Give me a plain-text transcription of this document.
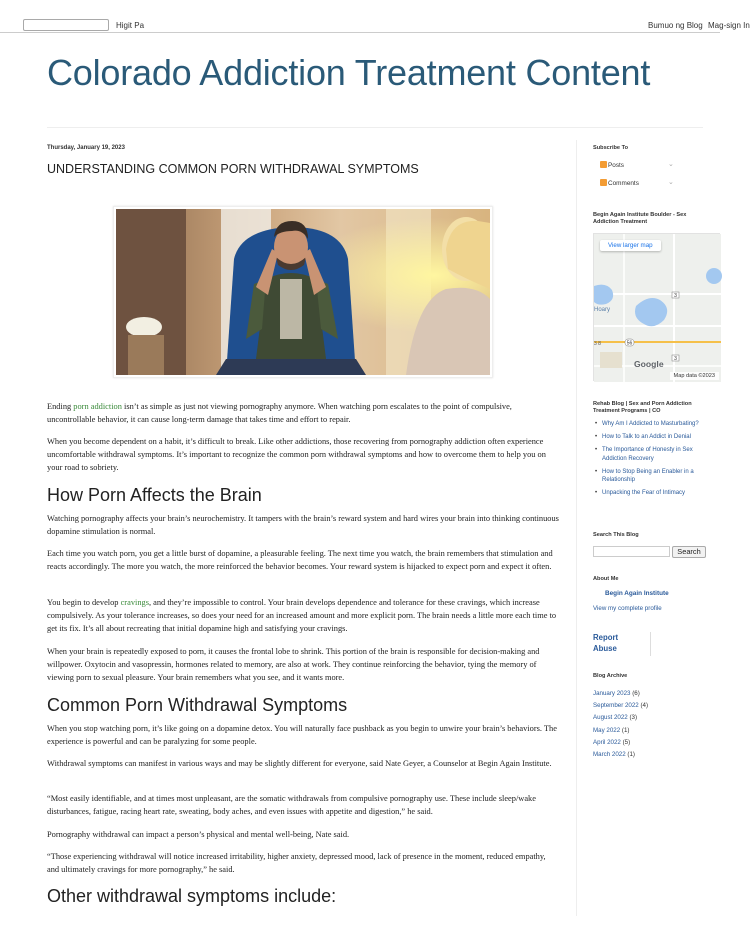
Higit Pa	Bumuo ng Blog Mag-sign In
Colorado Addiction Treatment Content
Thursday, January 19, 2023
UNDERSTANDING COMMON PORN WITHDRAWAL SYMPTOMS
Ending porn addiction isn’t as simple as just not viewing pornography anymore. When watching porn escalates to the point of compulsive, uncontrollable behavior, it can cause long-term damage that takes time and effort to repair.
When you become dependent on a habit, it’s difficult to break. Like other addictions, those recovering from pornography addiction often experience uncomfortable withdrawal symptoms. It’s important to recognize the common porn withdrawal symptoms and how to overcome them to help you on your road to sobriety.
How Porn Affects the Brain
Watching pornography affects your brain’s neurochemistry. It tampers with the brain’s reward system and hard wires your brain into thinking continuous dopamine stimulation is normal.
Each time you watch porn, you get a little burst of dopamine, a pleasurable feeling. The next time you watch, the brain remembers that stimulation and reacts accordingly. The more you watch, the more reinforced the behavior becomes. Your reward system is hijacked to expect porn and expect it often.
You begin to develop cravings, and they’re impossible to control. Your brain develops dependence and tolerance for these cravings, which increase compulsively. As your tolerance increases, so does your need for an increased amount and more explicit porn. The brain needs a little more each time to get its fix. It’s all about recreating that initial dopamine high and satisfying your cravings.
When your brain is repeatedly exposed to porn, it causes the frontal lobe to shrink. This portion of the brain is responsible for decision-making and willpower. Oxytocin and vasopressin, hormones related to memory, are also at work. They continue reinforcing the behavior, tying the memory of viewing porn to sexual pleasure. Your brain remembers what you see, and it wants more.
Common Porn Withdrawal Symptoms
When you stop watching porn, it’s like going on a dopamine detox. You will naturally face pushback as you begin to unwire your brain’s behaviors. The experience is powerful and can be paralyzing for some people.
Withdrawal symptoms can manifest in various ways and may be slightly different for everyone, said Nate Geyer, a Counselor at Begin Again Institute.
“Most easily identifiable, and at times most unpleasant, are the somatic withdrawals from compulsive pornography use. These include sleep/wake disturbances, fatigue, racing heart rate, sweating, body aches, and even issues with appetite and digestion,” he said.
Pornography withdrawal can impact a person’s physical and mental well-being, Nate said.
“Those experiencing withdrawal will notice increased irritability, higher anxiety, depressed mood, lack of presence in the moment, reduced empathy, and ultimately cravings for more pornography,” he said.
Other withdrawal symptoms include:
Subscribe To
Posts	⌄
Comments	⌄
Begin Again Institute Boulder - Sex Addiction Treatment
3
56
3
Hoary
3 8
View larger map
Google
Map data ©2023
Rehab Blog | Sex and Porn Addiction Treatment Programs | CO
• Why Am I Addicted to Masturbating?
• How to Talk to an Addict in Denial
• The Importance of Honesty in Sex Addiction Recovery
• How to Stop Being an Enabler in a Relationship
• Unpacking the Fear of Intimacy
Search This Blog
Search
About Me
Begin Again Institute
View my complete profile
Report Abuse
Blog Archive
January 2023 (6)
September 2022 (4)
August 2022 (3)
May 2022 (1)
April 2022 (5)
March 2022 (1)
